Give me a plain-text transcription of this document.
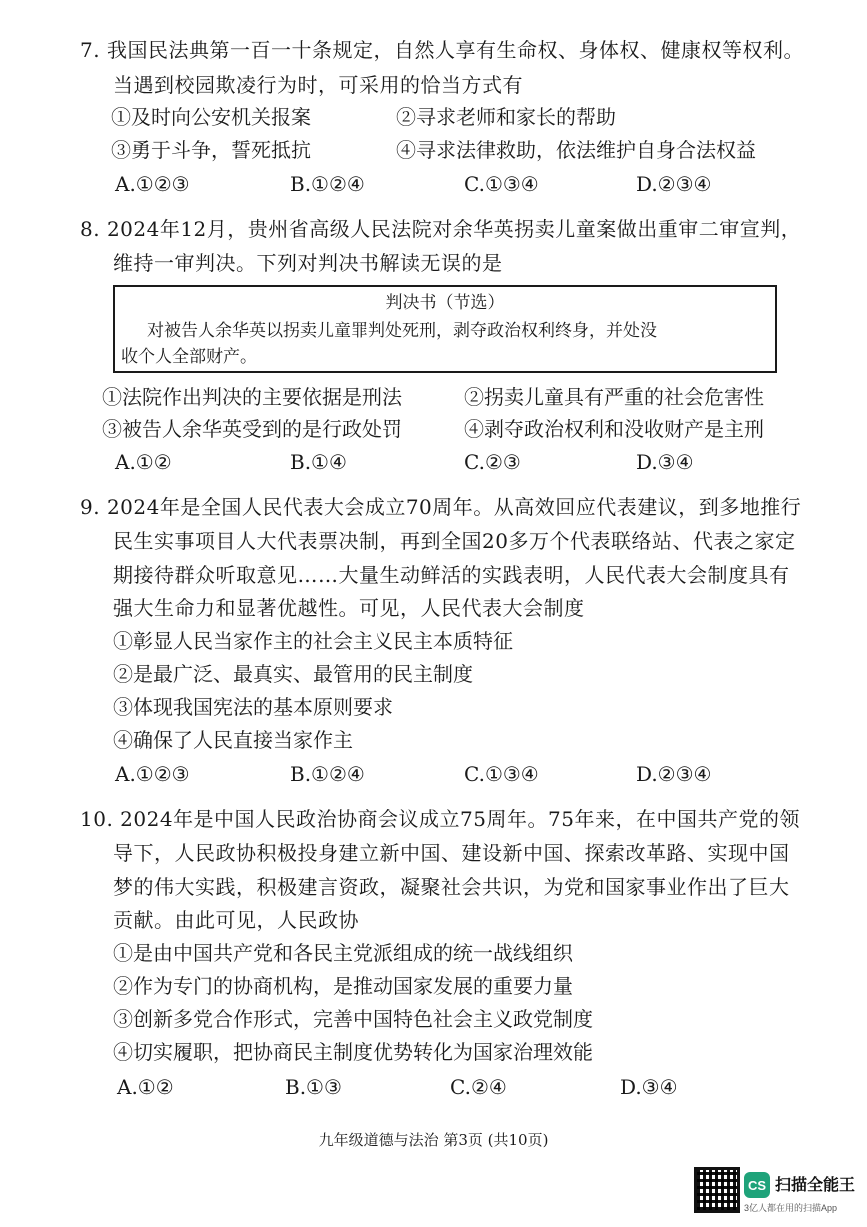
7. 我国民法典第一百一十条规定，自然人享有生命权、身体权、健康权等权利。
当遇到校园欺凌行为时，可采用的恰当方式有
①及时向公安机关报案	②寻求老师和家长的帮助
③勇于斗争，誓死抵抗	④寻求法律救助，依法维护自身合法权益
A.①②③	B.①②④	C.①③④	D.②③④
8. 2024年12月，贵州省高级人民法院对余华英拐卖儿童案做出重审二审宣判，
维持一审判决。下列对判决书解读无误的是
判决书（节选）
对被告人余华英以拐卖儿童罪判处死刑，剥夺政治权利终身，并处没
收个人全部财产。
①法院作出判决的主要依据是刑法	②拐卖儿童具有严重的社会危害性
③被告人余华英受到的是行政处罚	④剥夺政治权利和没收财产是主刑
A.①②	B.①④	C.②③	D.③④
9. 2024年是全国人民代表大会成立70周年。从高效回应代表建议，到多地推行
民生实事项目人大代表票决制，再到全国20多万个代表联络站、代表之家定
期接待群众听取意见……大量生动鲜活的实践表明，人民代表大会制度具有
强大生命力和显著优越性。可见，人民代表大会制度
①彰显人民当家作主的社会主义民主本质特征
②是最广泛、最真实、最管用的民主制度
③体现我国宪法的基本原则要求
④确保了人民直接当家作主
A.①②③	B.①②④	C.①③④	D.②③④
10. 2024年是中国人民政治协商会议成立75周年。75年来，在中国共产党的领
导下，人民政协积极投身建立新中国、建设新中国、探索改革路、实现中国
梦的伟大实践，积极建言资政，凝聚社会共识，为党和国家事业作出了巨大
贡献。由此可见，人民政协
①是由中国共产党和各民主党派组成的统一战线组织
②作为专门的协商机构，是推动国家发展的重要力量
③创新多党合作形式，完善中国特色社会主义政党制度
④切实履职，把协商民主制度优势转化为国家治理效能
A.①②	B.①③	C.②④	D.③④
九年级道德与法治 第3页 (共10页)
CS 扫描全能王
3亿人都在用的扫描App
